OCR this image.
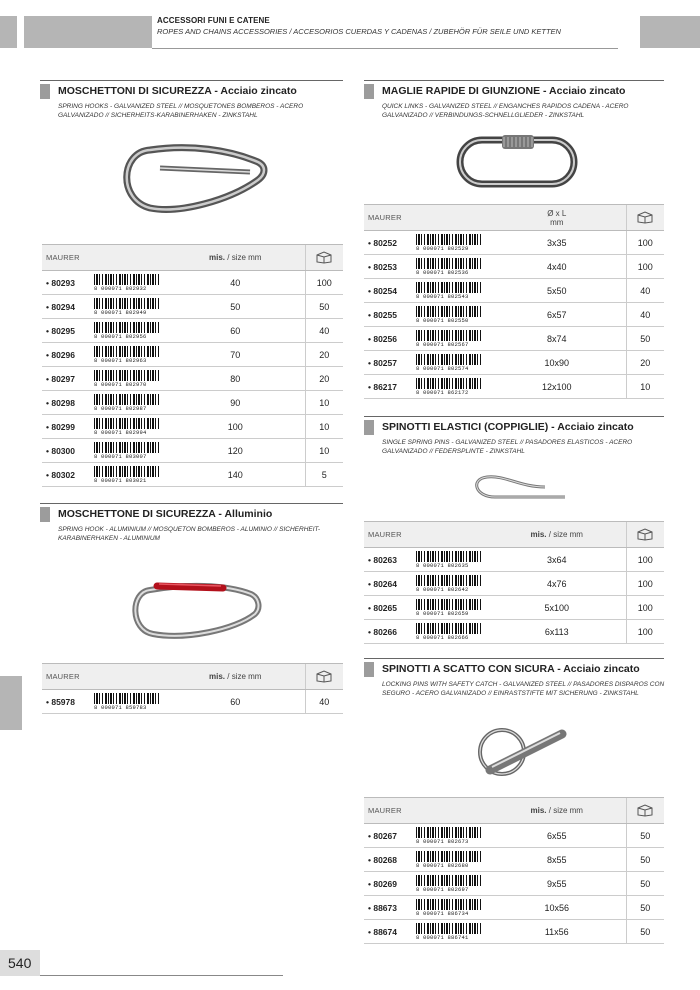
ACCESSORI FUNI E CATENE
ROPES AND CHAINS ACCESSORIES / ACCESORIOS CUERDAS Y CADENAS / ZUBEHÖR FÜR SEILE UND KETTEN
MOSCHETTONI DI SICUREZZA - Acciaio zincato
SPRING HOOKS - GALVANIZED STEEL // MOSQUETONES BOMBEROS - ACERO GALVANIZADO // SICHERHEITS-KARABINERHAKEN - ZINKSTAHL
MAURER		mis. / size mm	
• 80293	8 000071 802932	40	100
• 80294	8 000071 802949	50	50
• 80295	8 000071 802956	60	40
• 80296	8 000071 802963	70	20
• 80297	8 000071 802970	80	20
• 80298	8 000071 802987	90	10
• 80299	8 000071 802994	100	10
• 80300	8 000071 803007	120	10
• 80302	8 000071 803021	140	5
MOSCHETTONE DI SICUREZZA - Alluminio
SPRING HOOK - ALUMINIUM // MOSQUETON BOMBEROS - ALUMINIO // SICHERHEIT-KARABINERHAKEN - ALUMINIUM
MAURER		mis. / size mm	
• 85978	8 000071 859783	60	40
MAGLIE RAPIDE DI GIUNZIONE - Acciaio zincato
QUICK LINKS - GALVANIZED STEEL // ENGANCHES RAPIDOS CADENA - ACERO GALVANIZADO // VERBINDUNGS-SCHNELLGLIEDER - ZINKSTAHL
MAURER		Ø x L
mm	
• 80252	8 000071 802529	3x35	100
• 80253	8 000071 802536	4x40	100
• 80254	8 000071 802543	5x50	40
• 80255	8 000071 802550	6x57	40
• 80256	8 000071 802567	8x74	50
• 80257	8 000071 802574	10x90	20
• 86217	8 000071 862172	12x100	10
SPINOTTI ELASTICI (COPPIGLIE) - Acciaio zincato
SINGLE SPRING PINS - GALVANIZED STEEL // PASADORES ELASTICOS - ACERO GALVANIZADO // FEDERSPLINTE - ZINKSTAHL
MAURER		mis. / size mm	
• 80263	8 000071 802635	3x64	100
• 80264	8 000071 802642	4x76	100
• 80265	8 000071 802659	5x100	100
• 80266	8 000071 802666	6x113	100
SPINOTTI A SCATTO CON SICURA - Acciaio zincato
LOCKING PINS WITH SAFETY CATCH - GALVANIZED STEEL // PASADORES DISPAROS CON SEGURO - ACERO GALVANIZADO // EINRASTSTIFTE MIT SICHERUNG - ZINKSTAHL
MAURER		mis. / size mm	
• 80267	8 000071 802673	6x55	50
• 80268	8 000071 802680	8x55	50
• 80269	8 000071 802697	9x55	50
• 88673	8 000071 886734	10x56	50
• 88674	8 000071 886741	11x56	50
540
